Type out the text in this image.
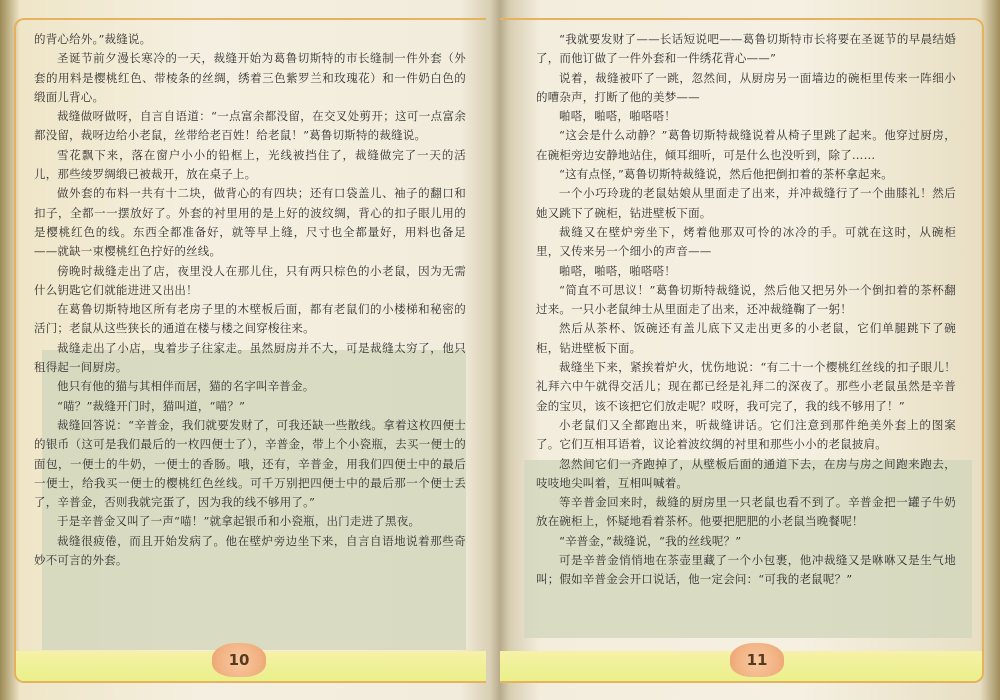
的背心给外。”裁缝说。

圣诞节前夕漫长寒冷的一天，裁缝开始为葛鲁切斯特的市长缝制一件外套（外套的用料是樱桃红色、带棱条的丝绸，绣着三色紫罗兰和玫瑰花）和一件奶白色的缎面儿背心。

裁缝做呀做呀，自言自语道：“一点富余都没留，在交叉处剪开；这可一点富余都没留，裁呀边给小老鼠，丝带给老百姓！给老鼠！”葛鲁切斯特的裁缝说。

雪花飘下来，落在窗户小小的铅框上，光线被挡住了，裁缝做完了一天的活儿，那些绫罗绸缎已被裁开，放在桌子上。

做外套的布料一共有十二块，做背心的有四块；还有口袋盖儿、袖子的翻口和扣子，全都一一摆放好了。外套的衬里用的是上好的波纹绸，背心的扣子眼儿用的是樱桃红色的线。东西全都准备好，就等早上缝，尺寸也全都量好，用料也备足——就缺一束樱桃红色拧好的丝线。

傍晚时裁缝走出了店，夜里没人在那儿住，只有两只棕色的小老鼠，因为无需什么钥匙它们就能进进又出出！

在葛鲁切斯特地区所有老房子里的木壁板后面，都有老鼠们的小楼梯和秘密的活门；老鼠从这些狭长的通道在楼与楼之间穿梭往来。

裁缝走出了小店，曳着步子往家走。虽然厨房并不大，可是裁缝太穷了，他只租得起一间厨房。

他只有他的猫与其相伴而居，猫的名字叫辛普金。

“喵？”裁缝开门时，猫叫道，“喵？”

裁缝回答说：“辛普金，我们就要发财了，可我还缺一些散线。拿着这枚四便士的银币（这可是我们最后的一枚四便士了），辛普金，带上个小瓷瓶，去买一便士的面包，一便士的牛奶，一便士的香肠。哦，还有，辛普金，用我们四便士中的最后一便士，给我买一便士的樱桃红色丝线。可千万别把四便士中的最后那一个便士丢了，辛普金，否则我就完蛋了，因为我的线不够用了。”

于是辛普金又叫了一声“喵！”就拿起银币和小瓷瓶，出门走进了黑夜。

裁缝很疲倦，而且开始发病了。他在壁炉旁边坐下来，自言自语地说着那些奇妙不可言的外套。

10

“我就要发财了——长话短说吧——葛鲁切斯特市长将要在圣诞节的早晨结婚了，而他订做了一件外套和一件绣花背心——”

说着，裁缝被吓了一跳，忽然间，从厨房另一面墙边的碗柜里传来一阵细小的嘈杂声，打断了他的美梦——

啪嗒，啪嗒，啪嗒嗒！

“这会是什么动静？”葛鲁切斯特裁缝说着从椅子里跳了起来。他穿过厨房，在碗柜旁边安静地站住，倾耳细听，可是什么也没听到，除了……

“这有点怪，”葛鲁切斯特裁缝说，然后他把倒扣着的茶杯拿起来。

一个小巧玲珑的老鼠姑娘从里面走了出来，并冲裁缝行了一个曲膝礼！然后她又跳下了碗柜，钻进壁板下面。

裁缝又在壁炉旁坐下，烤着他那双可怜的冰冷的手。可就在这时，从碗柜里，又传来另一个细小的声音——

啪嗒，啪嗒，啪嗒嗒！

“简直不可思议！”葛鲁切斯特裁缝说，然后他又把另外一个倒扣着的茶杯翻过来。一只小老鼠绅士从里面走了出来，还冲裁缝鞠了一躬！

然后从茶杯、饭碗还有盖儿底下又走出更多的小老鼠，它们单腿跳下了碗柜，钻进壁板下面。

裁缝坐下来，紧挨着炉火，忧伤地说：“有二十一个樱桃红丝线的扣子眼儿！礼拜六中午就得交活儿；现在都已经是礼拜二的深夜了。那些小老鼠虽然是辛普金的宝贝，该不该把它们放走呢？哎呀，我可完了，我的线不够用了！”

小老鼠们又全都跑出来，听裁缝讲话。它们注意到那件绝美外套上的图案了。它们互相耳语着，议论着波纹绸的衬里和那些小小的老鼠披肩。

忽然间它们一齐跑掉了，从壁板后面的通道下去，在房与房之间跑来跑去，吱吱地尖叫着，互相叫喊着。

等辛普金回来时，裁缝的厨房里一只老鼠也看不到了。辛普金把一罐子牛奶放在碗柜上，怀疑地看着茶杯。他要把肥肥的小老鼠当晚餐呢！

“辛普金，”裁缝说，“我的丝线呢？”

可是辛普金悄悄地在茶壶里藏了一个小包裹，他冲裁缝又是咻咻又是生气地叫；假如辛普金会开口说话，他一定会问：“可我的老鼠呢？”

11
